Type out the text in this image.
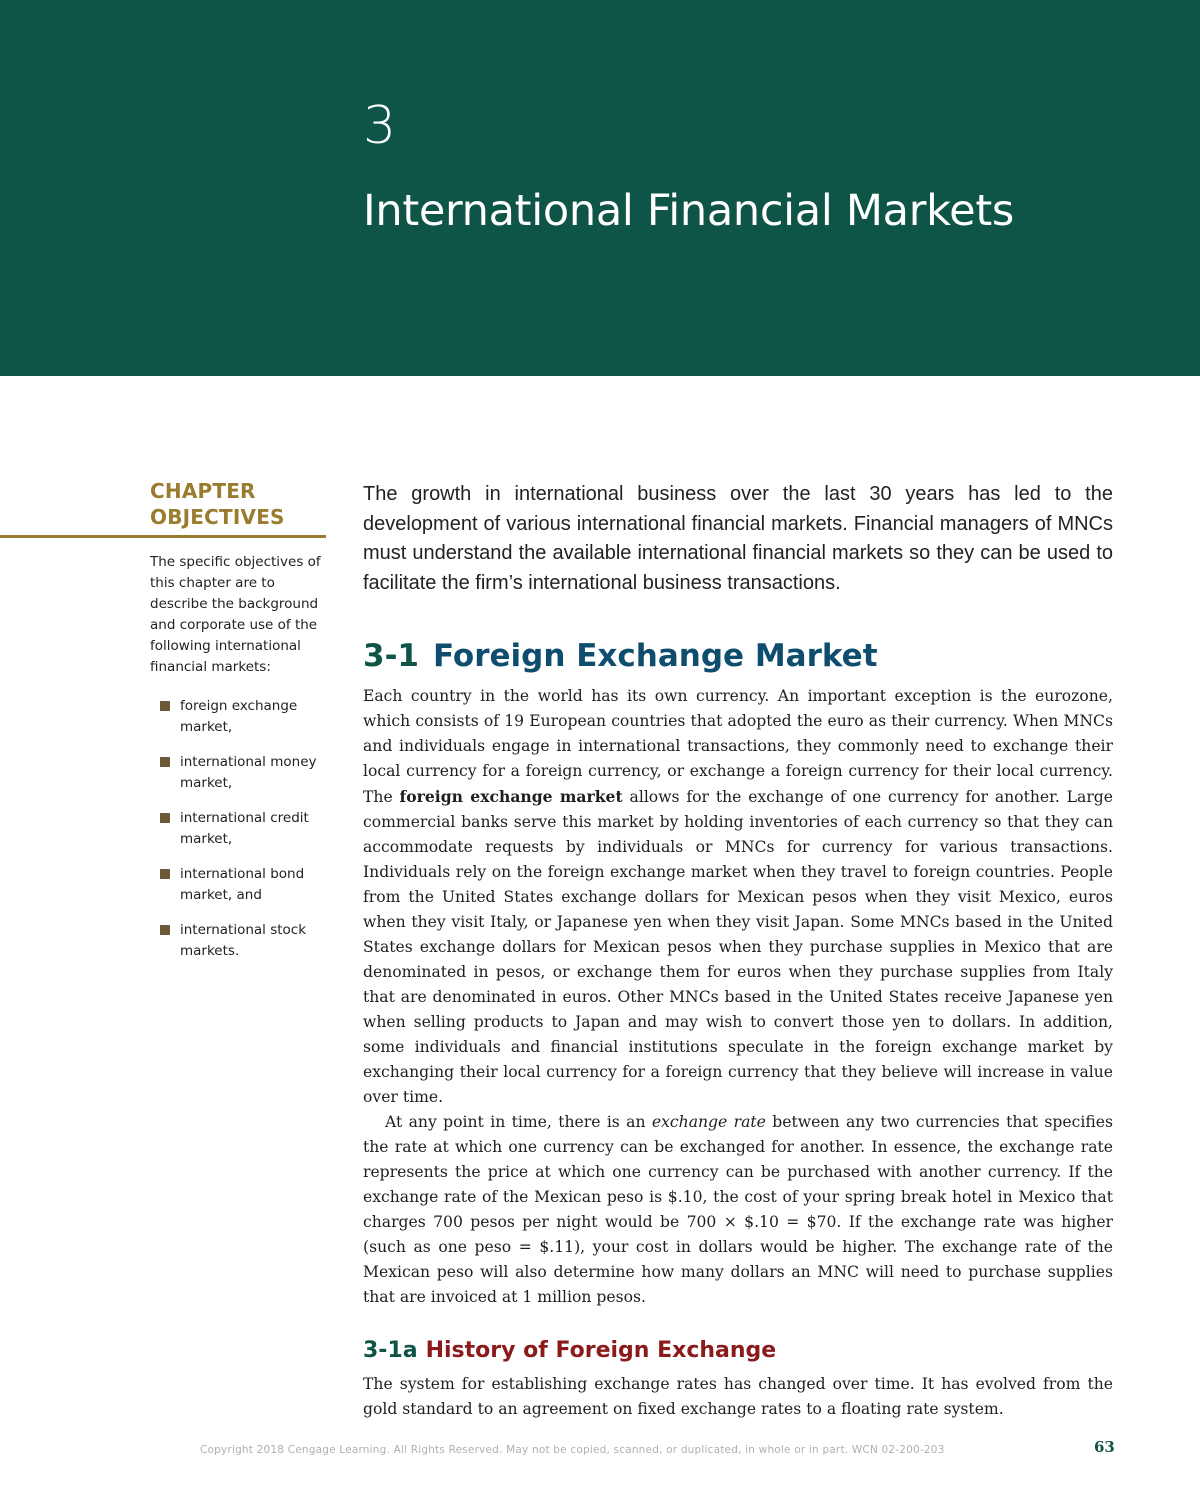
3
International Financial Markets
CHAPTER
OBJECTIVES
The specific objectives of this chapter are to describe the background and corporate use of the following international financial markets:
foreign exchange market,
international money market,
international credit market,
international bond market, and
international stock markets.

The growth in international business over the last 30 years has led to the development of various international financial markets. Financial managers of MNCs must understand the available international financial markets so they can be used to facilitate the firm’s international business transactions.

3-1 Foreign Exchange Market

Each country in the world has its own currency. An important exception is the eurozone, which consists of 19 European countries that adopted the euro as their currency. When MNCs and individuals engage in international transactions, they commonly need to exchange their local currency for a foreign currency, or exchange a foreign currency for their local currency. The foreign exchange market allows for the exchange of one currency for another. Large commercial banks serve this market by holding inventories of each currency so that they can accommodate requests by individuals or MNCs for currency for various transactions. Individuals rely on the foreign exchange market when they travel to foreign countries. People from the United States exchange dollars for Mexican pesos when they visit Mexico, euros when they visit Italy, or Japanese yen when they visit Japan. Some MNCs based in the United States exchange dollars for Mexican pesos when they purchase supplies in Mexico that are denominated in pesos, or exchange them for euros when they purchase supplies from Italy that are denominated in euros. Other MNCs based in the United States receive Japanese yen when selling products to Japan and may wish to convert those yen to dollars. In addition, some individuals and financial institutions speculate in the foreign exchange market by exchanging their local currency for a foreign currency that they believe will increase in value over time.

At any point in time, there is an exchange rate between any two currencies that specifies the rate at which one currency can be exchanged for another. In essence, the exchange rate represents the price at which one currency can be purchased with another currency. If the exchange rate of the Mexican peso is $.10, the cost of your spring break hotel in Mexico that charges 700 pesos per night would be 700 × $.10 = $70. If the exchange rate was higher (such as one peso = $.11), your cost in dollars would be higher. The exchange rate of the Mexican peso will also determine how many dollars an MNC will need to purchase supplies that are invoiced at 1 million pesos.

3-1a History of Foreign Exchange

The system for establishing exchange rates has changed over time. It has evolved from the gold standard to an agreement on fixed exchange rates to a floating rate system.

Copyright 2018 Cengage Learning. All Rights Reserved. May not be copied, scanned, or duplicated, in whole or in part. WCN 02-200-203	63
